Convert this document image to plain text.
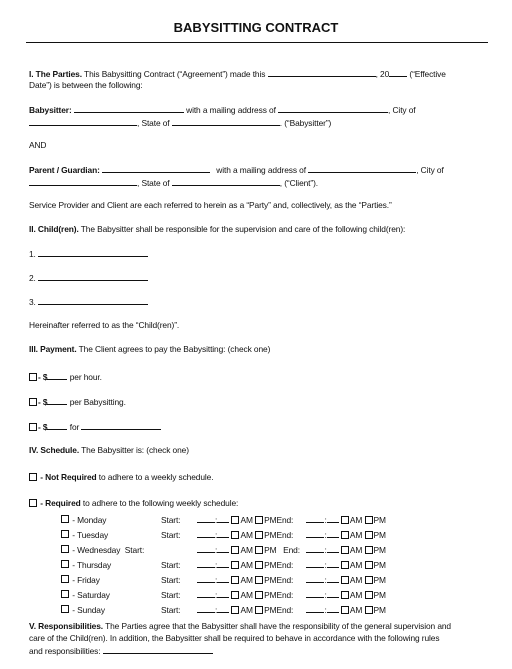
BABYSITTING CONTRACT
I. The Parties. This Babysitting Contract (“Agreement”) made this	, 20 (“Effective
Date”) is between the following:
Babysitter:	with a mailing address of	, City of
, State of	. (“Babysitter”)
AND
Parent / Guardian:	with a mailing address of	, City of
, State of	, (“Client”).
Service Provider and Client are each referred to herein as a “Party” and, collectively, as the “Parties.”
II. Child(ren). The Babysitter shall be responsible for the supervision and care of the following child(ren):
1.
2.
3.
Hereinafter referred to as the “Child(ren)”.
III. Payment. The Client agrees to pay the Babysitting: (check one)
- $	per hour.
- $	per Babysitting.
- $	for
IV. Schedule. The Babysitter is: (check one)
- Not Required to adhere to a weekly schedule.
- Required to adhere to the following weekly schedule:
- Monday	Start:	: AM PM	End:	: AM PM
- Tuesday	Start:	: AM PM	End:	: AM PM
- Wednesday Start:		: AM PM End:		: AM PM
- Thursday	Start:	: AM PM	End:	: AM PM
- Friday	Start:	: AM PM	End:	: AM PM
- Saturday	Start:	: AM PM	End:	: AM PM
- Sunday	Start:	: AM PM	End:	: AM PM
V. Responsibilities. The Parties agree that the Babysitter shall have the responsibility of the general supervision and
care of the Child(ren). In addition, the Babysitter shall be required to behave in accordance with the following rules
and responsibilities:
